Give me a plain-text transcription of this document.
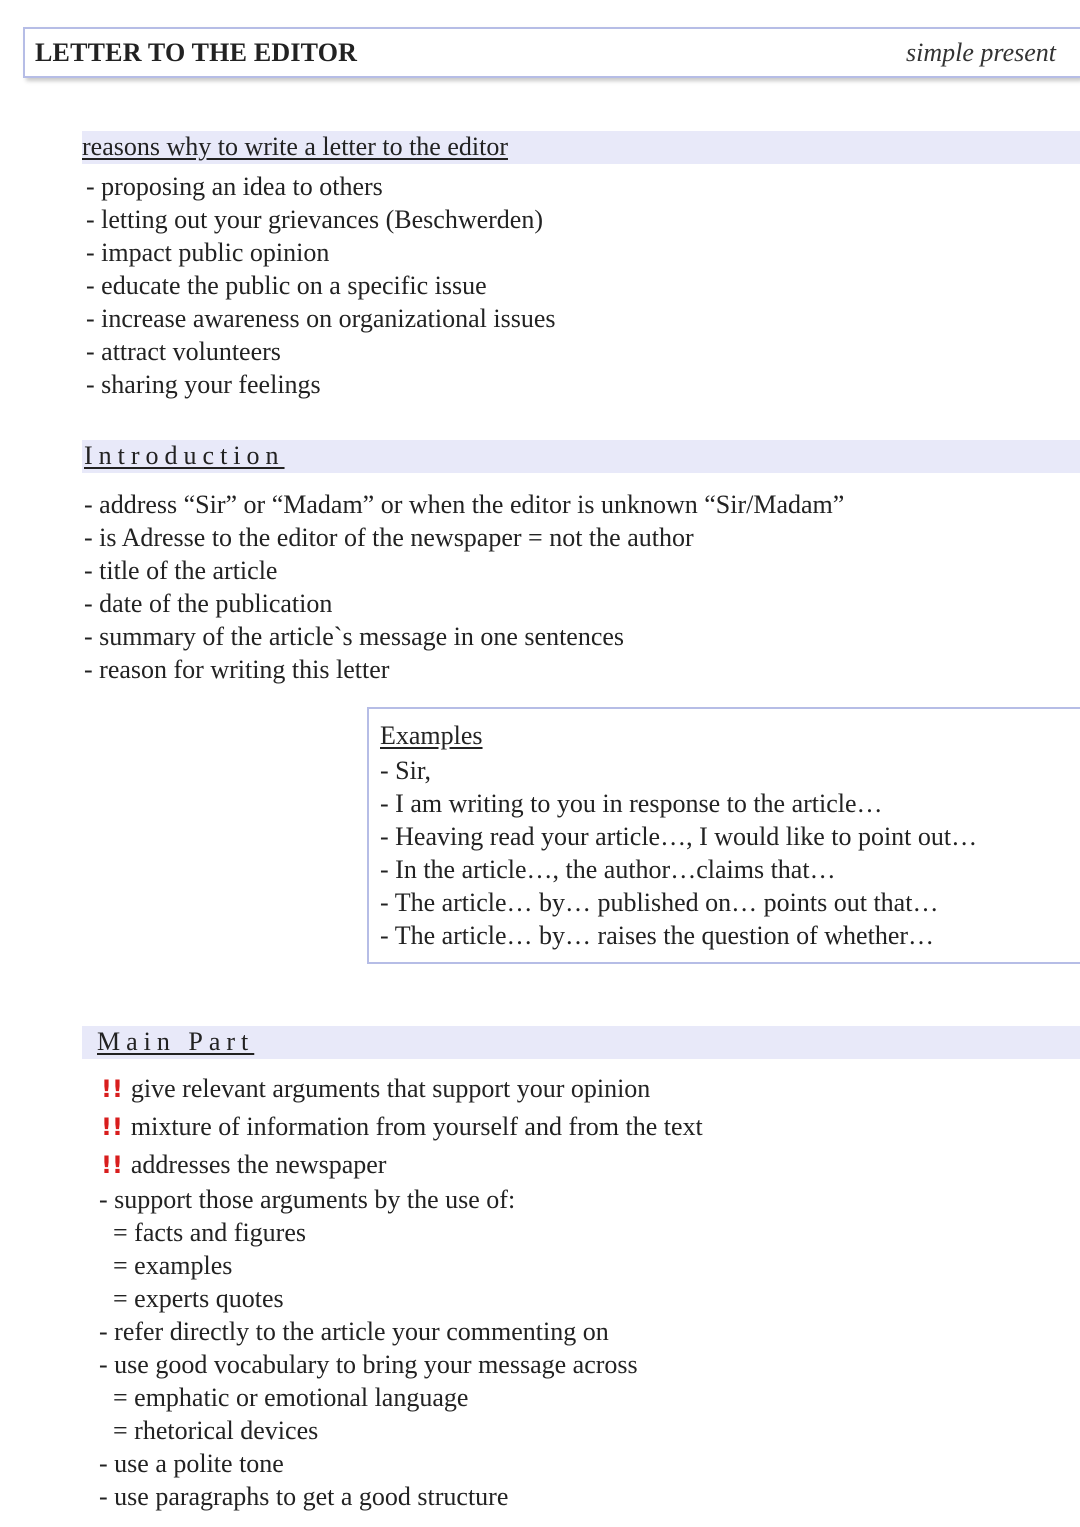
LETTER TO THE EDITOR	simple present
reasons why to write a letter to the editor
- proposing an idea to others
- letting out your grievances (Beschwerden)
- impact public opinion
- educate the public on a specific issue
- increase awareness on organizational issues
- attract volunteers
- sharing your feelings
Introduction
- address “Sir” or “Madam” or when the editor is unknown “Sir/Madam”
- is Adresse to the editor of the newspaper = not the author
- title of the article
- date of the publication
- summary of the article`s message in one sentences
- reason for writing this letter
Examples
- Sir,
- I am writing to you in response to the article…
- Heaving read your article…, I would like to point out…
- In the article…, the author…claims that…
- The article… by… published on… points out that…
- The article… by… raises the question of whether…
Main Part
!! give relevant arguments that support your opinion
!! mixture of information from yourself and from the text
!! addresses the newspaper
- support those arguments by the use of:
= facts and figures
= examples
= experts quotes
- refer directly to the article your commenting on
- use good vocabulary to bring your message across
= emphatic or emotional language
= rhetorical devices
- use a polite tone
- use paragraphs to get a good structure
